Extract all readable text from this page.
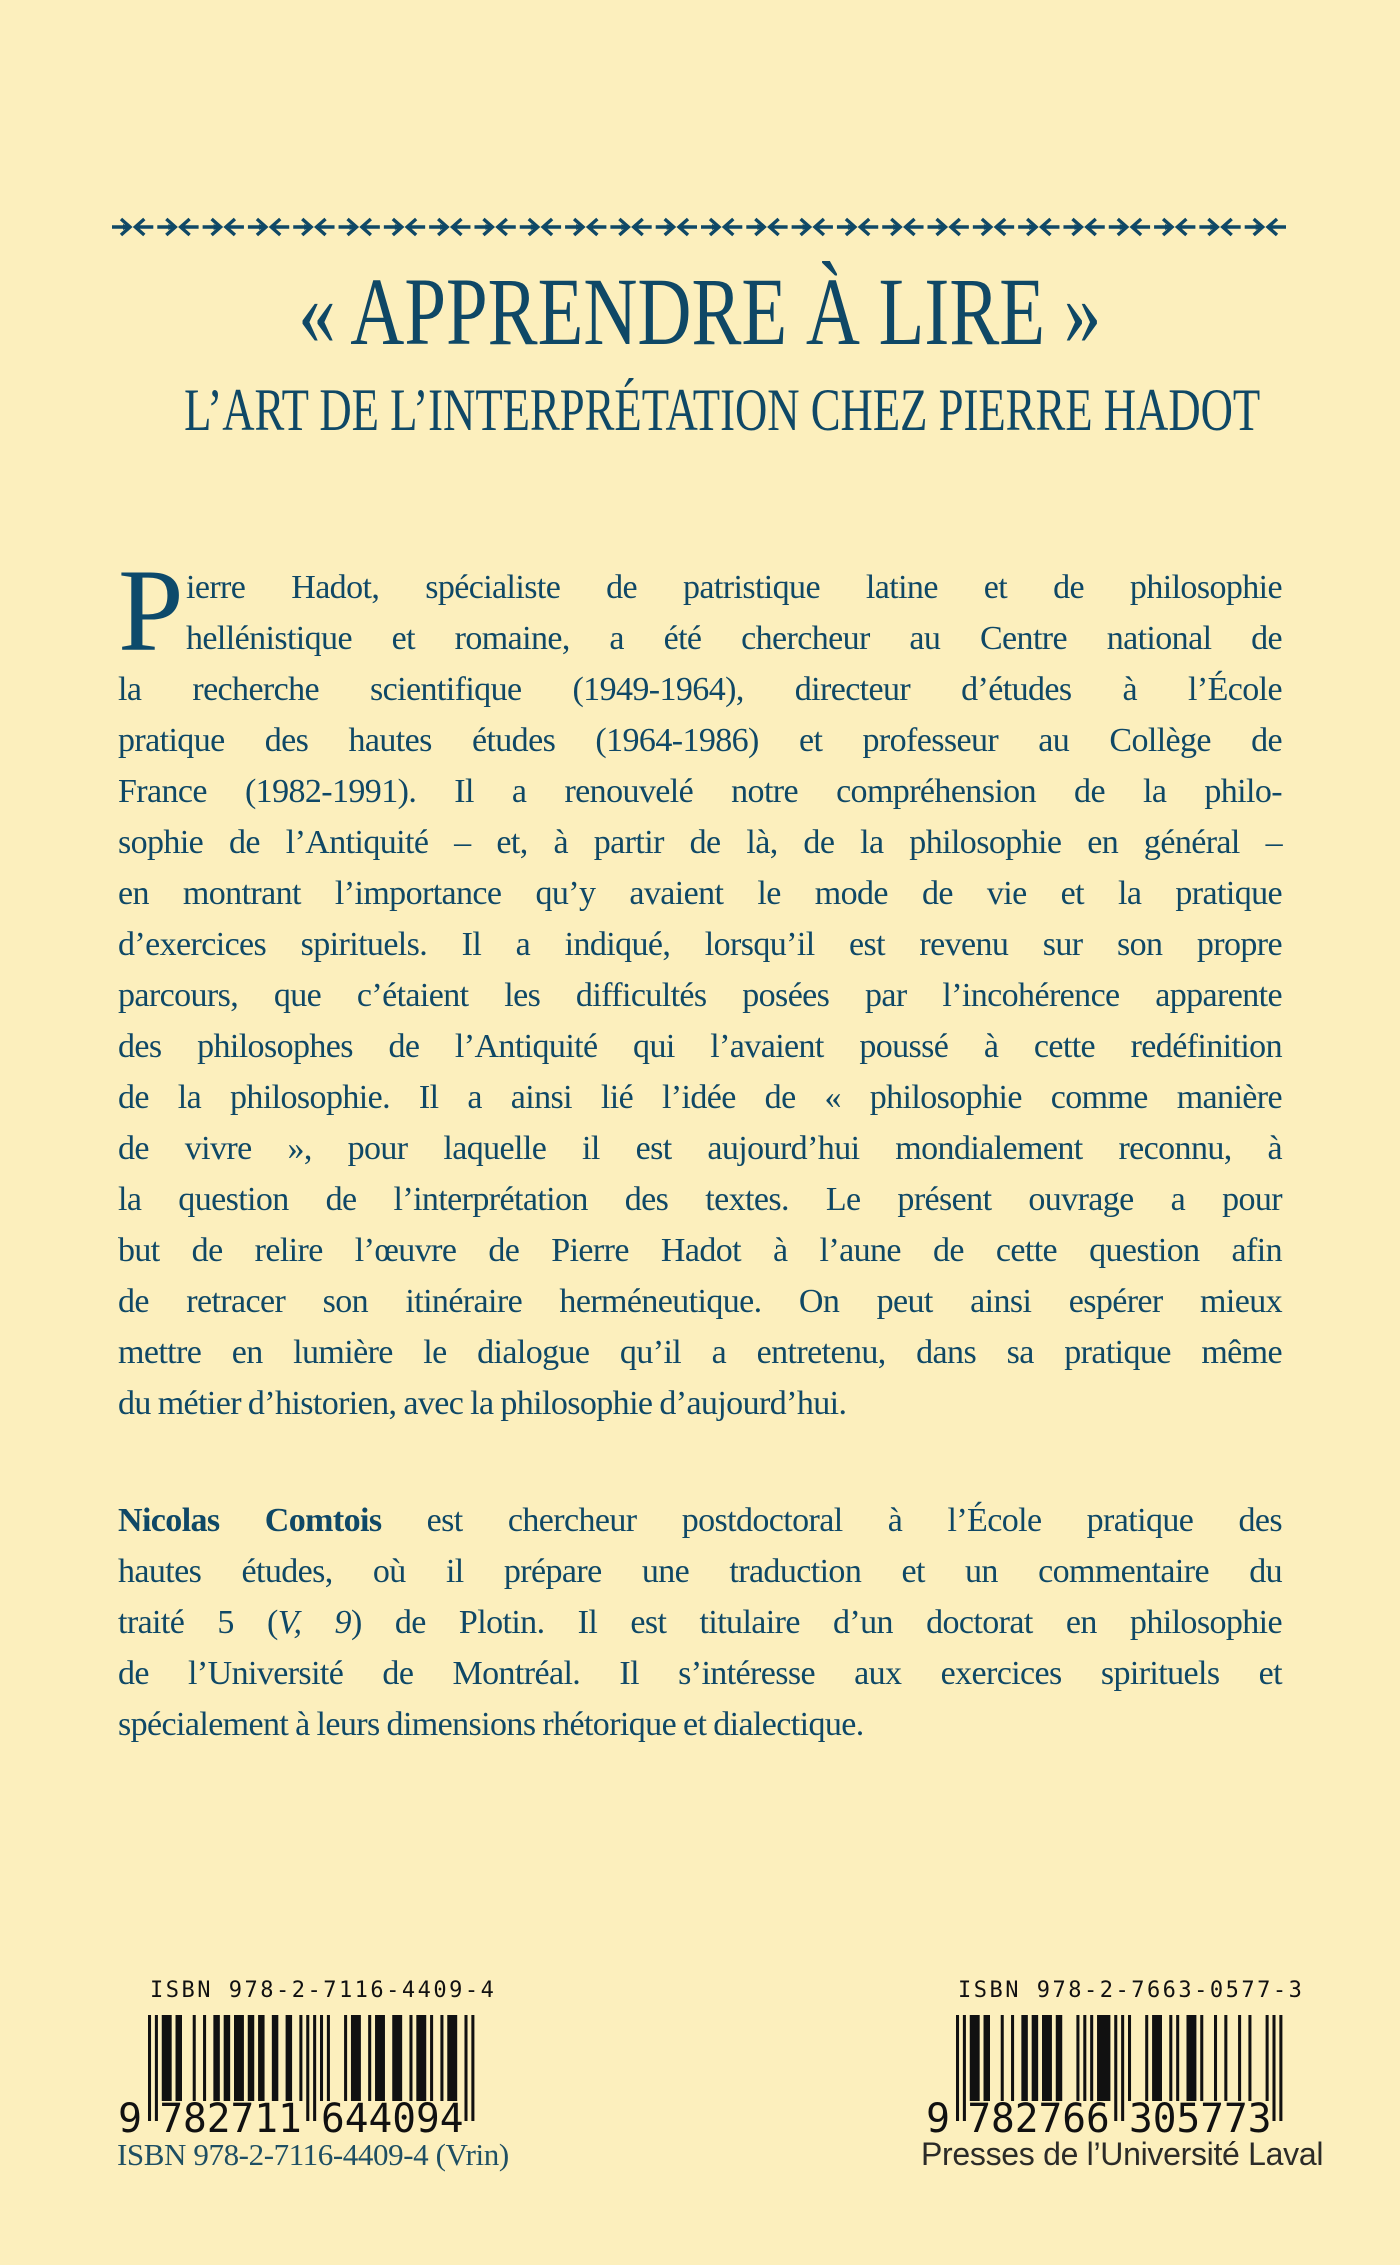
« APPRENDRE À LIRE »
L’ART DE L’INTERPRÉTATION CHEZ PIERRE HADOT
P ierre Hadot, spécialiste de patristique latine et de philosophie
hellénistique et romaine, a été chercheur au Centre national de
la recherche scientifique (1949-1964), directeur d’études à l’École
pratique des hautes études (1964-1986) et professeur au Collège de
France (1982-1991). Il a renouvelé notre compréhension de la philo-
sophie de l’Antiquité – et, à partir de là, de la philosophie en général –
en montrant l’importance qu’y avaient le mode de vie et la pratique
d’exercices spirituels. Il a indiqué, lorsqu’il est revenu sur son propre
parcours, que c’étaient les difficultés posées par l’incohérence apparente
des philosophes de l’Antiquité qui l’avaient poussé à cette redéfinition
de la philosophie. Il a ainsi lié l’idée de « philosophie comme manière
de vivre », pour laquelle il est aujourd’hui mondialement reconnu, à
la question de l’interprétation des textes. Le présent ouvrage a pour
but de relire l’œuvre de Pierre Hadot à l’aune de cette question afin
de retracer son itinéraire herméneutique. On peut ainsi espérer mieux
mettre en lumière le dialogue qu’il a entretenu, dans sa pratique même
du métier d’historien, avec la philosophie d’aujourd’hui.
Nicolas Comtois est chercheur postdoctoral à l’École pratique des
hautes études, où il prépare une traduction et un commentaire du
traité 5 (V, 9) de Plotin. Il est titulaire d’un doctorat en philosophie
de l’Université de Montréal. Il s’intéresse aux exercices spirituels et
spécialement à leurs dimensions rhétorique et dialectique.
ISBN 978-2-7116-4409-4
9 782711 644094
ISBN 978-2-7116-4409-4 (Vrin)
ISBN 978-2-7663-0577-3
9 782766 305773
Presses de l’Université Laval
